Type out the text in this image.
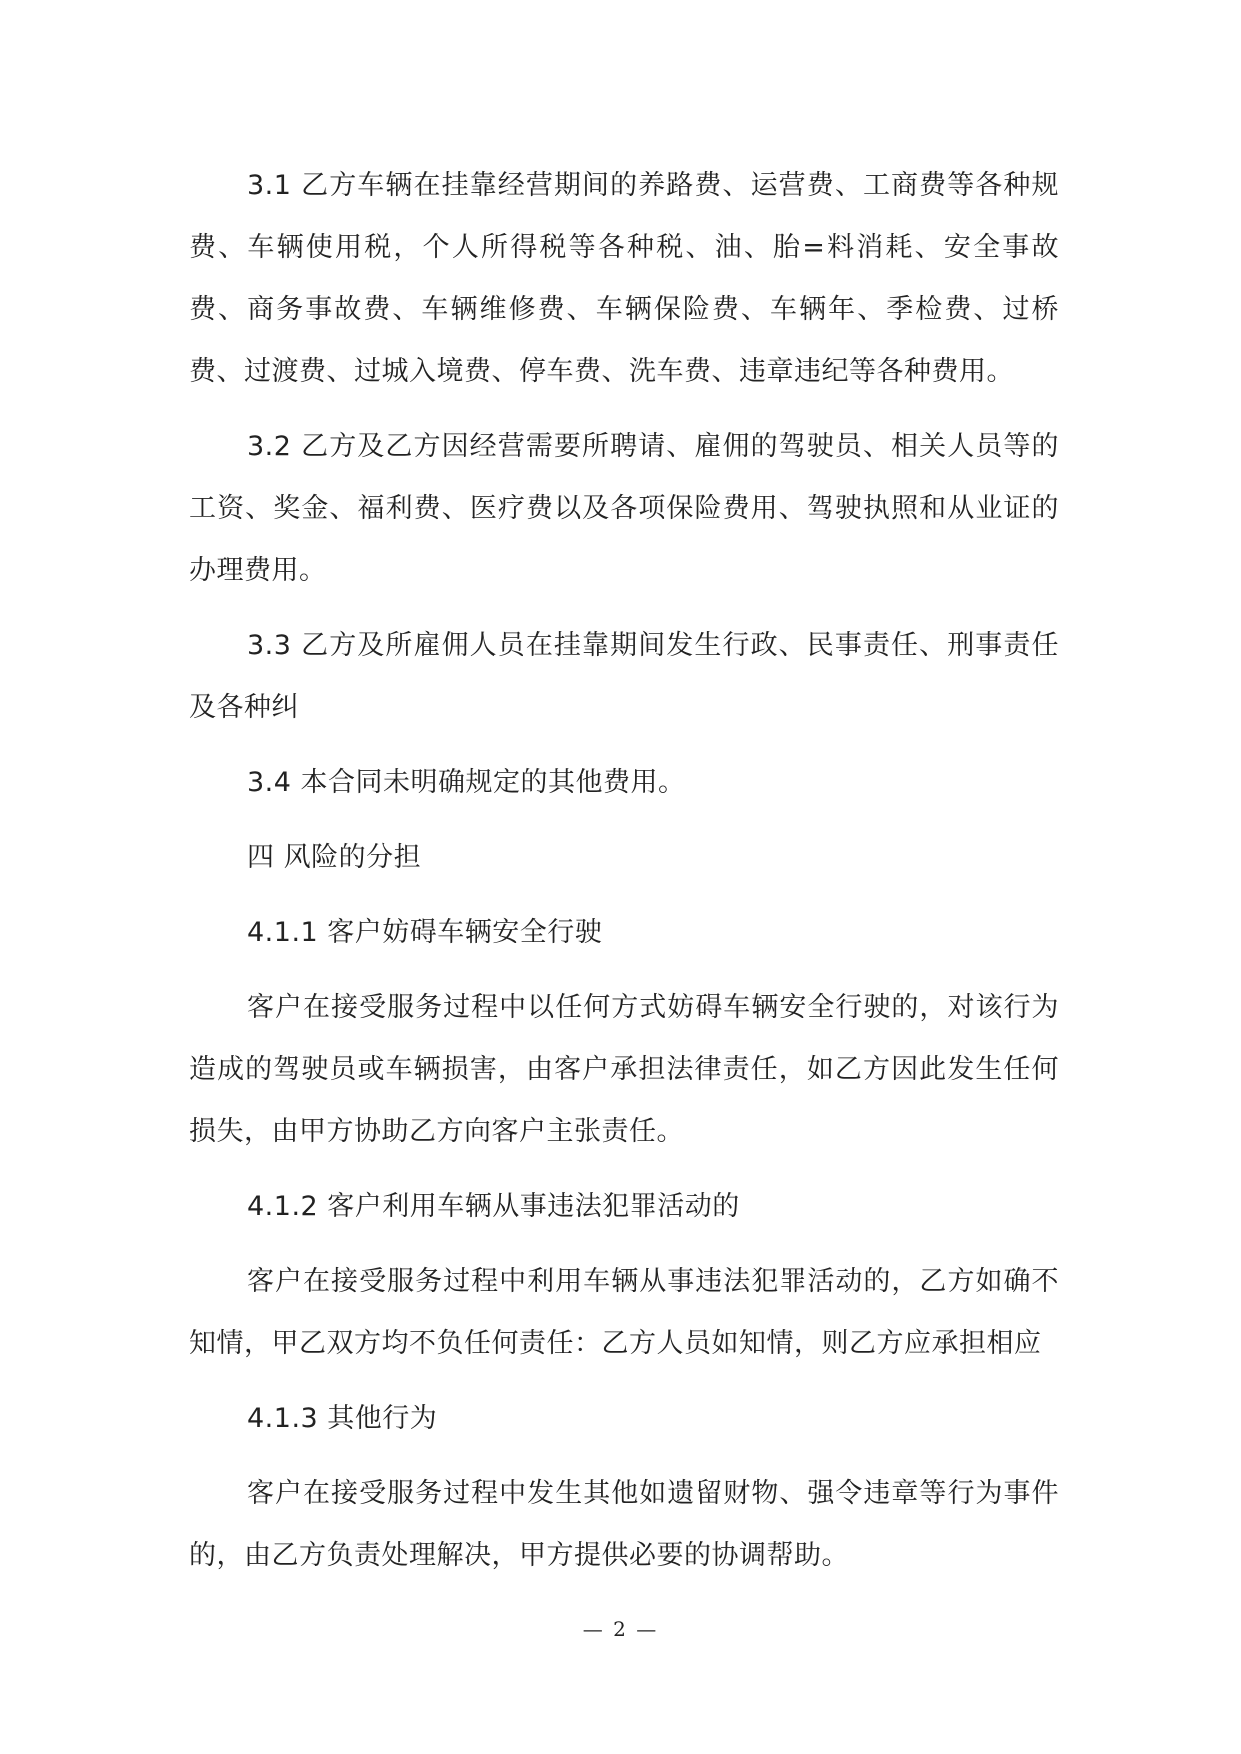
3.1 乙方车辆在挂靠经营期间的养路费、运营费、工商费等各种规费、车辆使用税，个人所得税等各种税、油、胎=料消耗、安全事故费、商务事故费、车辆维修费、车辆保险费、车辆年、季检费、过桥费、过渡费、过城入境费、停车费、洗车费、违章违纪等各种费用。

3.2 乙方及乙方因经营需要所聘请、雇佣的驾驶员、相关人员等的工资、奖金、福利费、医疗费以及各项保险费用、驾驶执照和从业证的办理费用。

3.3 乙方及所雇佣人员在挂靠期间发生行政、民事责任、刑事责任及各种纠

3.4 本合同未明确规定的其他费用。

四 风险的分担

4.1.1 客户妨碍车辆安全行驶

客户在接受服务过程中以任何方式妨碍车辆安全行驶的，对该行为造成的驾驶员或车辆损害，由客户承担法律责任，如乙方因此发生任何损失，由甲方协助乙方向客户主张责任。

4.1.2 客户利用车辆从事违法犯罪活动的

客户在接受服务过程中利用车辆从事违法犯罪活动的，乙方如确不知情，甲乙双方均不负任何责任：乙方人员如知情，则乙方应承担相应

4.1.3 其他行为

客户在接受服务过程中发生其他如遗留财物、强令违章等行为事件的，由乙方负责处理解决，甲方提供必要的协调帮助。

— 2 —
